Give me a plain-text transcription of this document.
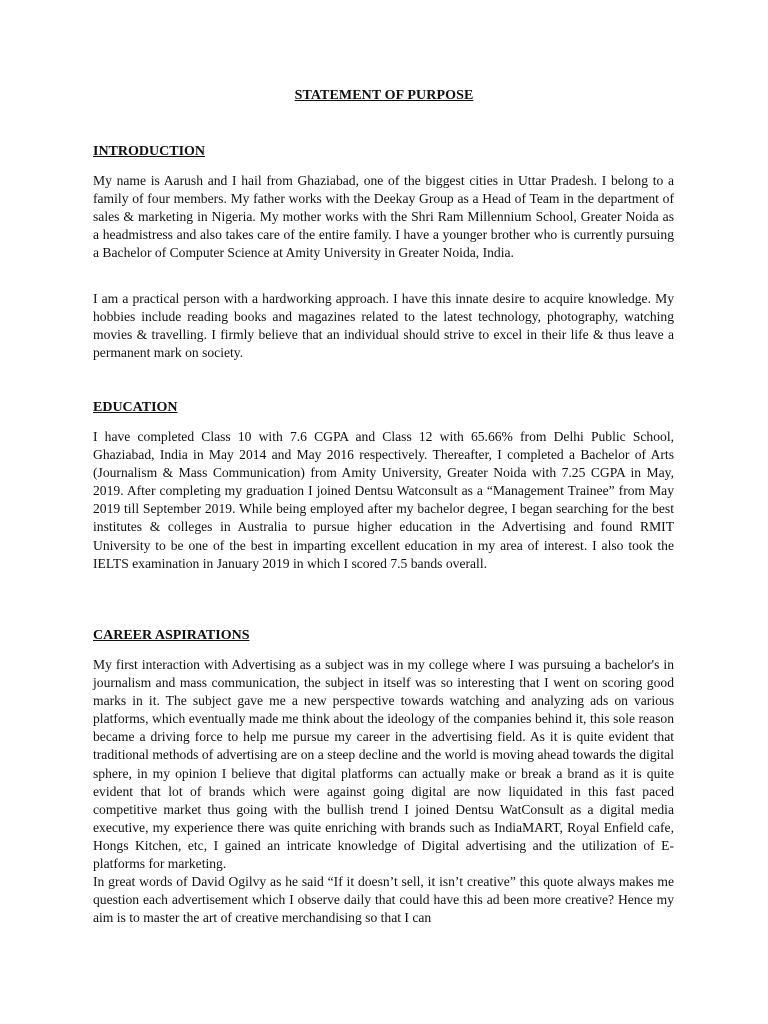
STATEMENT OF PURPOSE
INTRODUCTION

My name is Aarush and I hail from Ghaziabad, one of the biggest cities in Uttar Pradesh. I belong to a family of four members. My father works with the Deekay Group as a Head of Team in the department of sales & marketing in Nigeria. My mother works with the Shri Ram Millennium School, Greater Noida as a headmistress and also takes care of the entire family. I have a younger brother who is currently pursuing a Bachelor of Computer Science at Amity University in Greater Noida, India.

I am a practical person with a hardworking approach. I have this innate desire to acquire knowledge. My hobbies include reading books and magazines related to the latest technology, photography, watching movies & travelling. I firmly believe that an individual should strive to excel in their life & thus leave a permanent mark on society.

EDUCATION

I have completed Class 10 with 7.6 CGPA and Class 12 with 65.66% from Delhi Public School, Ghaziabad, India in May 2014 and May 2016 respectively. Thereafter, I completed a Bachelor of Arts (Journalism & Mass Communication) from Amity University, Greater Noida with 7.25 CGPA in May, 2019. After completing my graduation I joined Dentsu Watconsult as a “Management Trainee” from May 2019 till September 2019. While being employed after my bachelor degree, I began searching for the best institutes & colleges in Australia to pursue higher education in the Advertising and found RMIT University to be one of the best in imparting excellent education in my area of interest. I also took the IELTS examination in January 2019 in which I scored 7.5 bands overall.

CAREER ASPIRATIONS

My first interaction with Advertising as a subject was in my college where I was pursuing a bachelor's in journalism and mass communication, the subject in itself was so interesting that I went on scoring good marks in it. The subject gave me a new perspective towards watching and analyzing ads on various platforms, which eventually made me think about the ideology of the companies behind it, this sole reason became a driving force to help me pursue my career in the advertising field. As it is quite evident that traditional methods of advertising are on a steep decline and the world is moving ahead towards the digital sphere, in my opinion I believe that digital platforms can actually make or break a brand as it is quite evident that lot of brands which were against going digital are now liquidated in this fast paced competitive market thus going with the bullish trend I joined Dentsu WatConsult as a digital media executive, my experience there was quite enriching with brands such as IndiaMART, Royal Enfield cafe, Hongs Kitchen, etc, I gained an intricate knowledge of Digital advertising and the utilization of E-platforms for marketing.

In great words of David Ogilvy as he said “If it doesn’t sell, it isn’t creative” this quote always makes me question each advertisement which I observe daily that could have this ad been more creative? Hence my aim is to master the art of creative merchandising so that I can
